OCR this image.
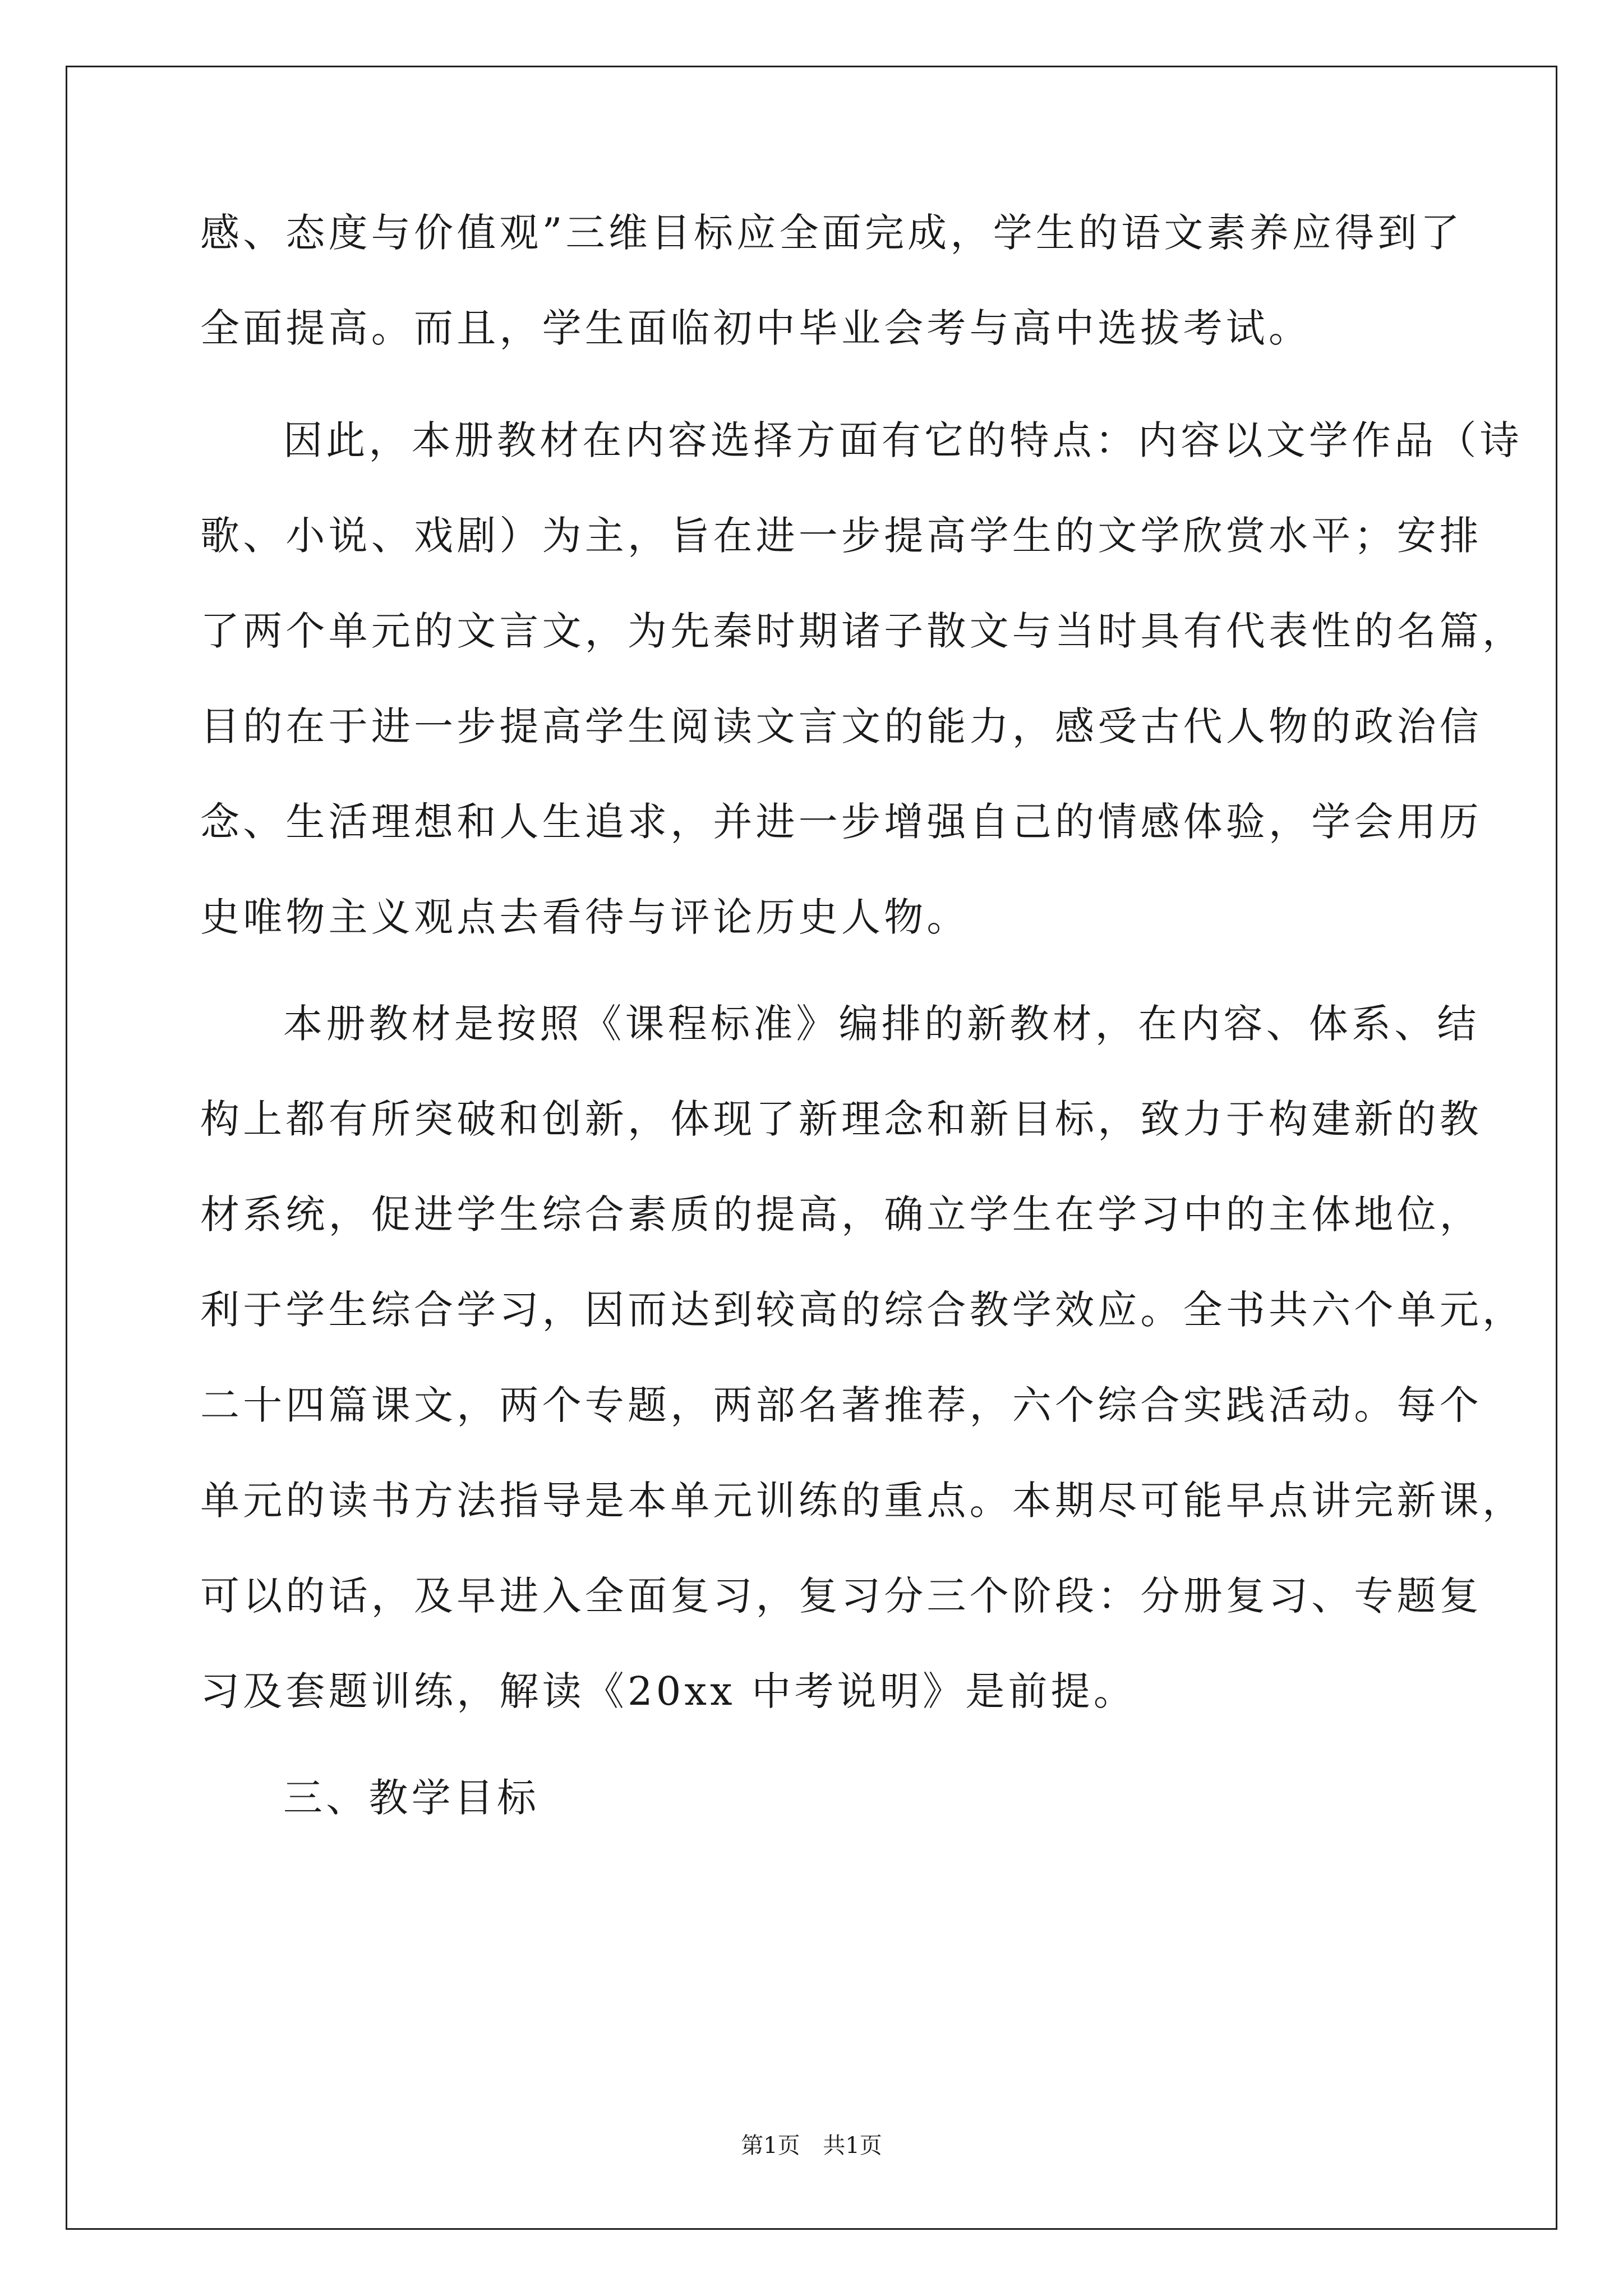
感、态度与价值观”三维目标应全面完成，学生的语文素养应得到了
全面提高。而且，学生面临初中毕业会考与高中选拔考试。
因此，本册教材在内容选择方面有它的特点：内容以文学作品（诗
歌、小说、戏剧）为主，旨在进一步提高学生的文学欣赏水平；安排
了两个单元的文言文，为先秦时期诸子散文与当时具有代表性的名篇，
目的在于进一步提高学生阅读文言文的能力，感受古代人物的政治信
念、生活理想和人生追求，并进一步增强自己的情感体验，学会用历
史唯物主义观点去看待与评论历史人物。
本册教材是按照《课程标准》编排的新教材，在内容、体系、结
构上都有所突破和创新，体现了新理念和新目标，致力于构建新的教
材系统，促进学生综合素质的提高，确立学生在学习中的主体地位，
利于学生综合学习，因而达到较高的综合教学效应。全书共六个单元，
二十四篇课文，两个专题，两部名著推荐，六个综合实践活动。每个
单元的读书方法指导是本单元训练的重点。本期尽可能早点讲完新课，
可以的话，及早进入全面复习，复习分三个阶段：分册复习、专题复
习及套题训练，解读《20xx 中考说明》是前提。
三、教学目标
第1页 共1页
